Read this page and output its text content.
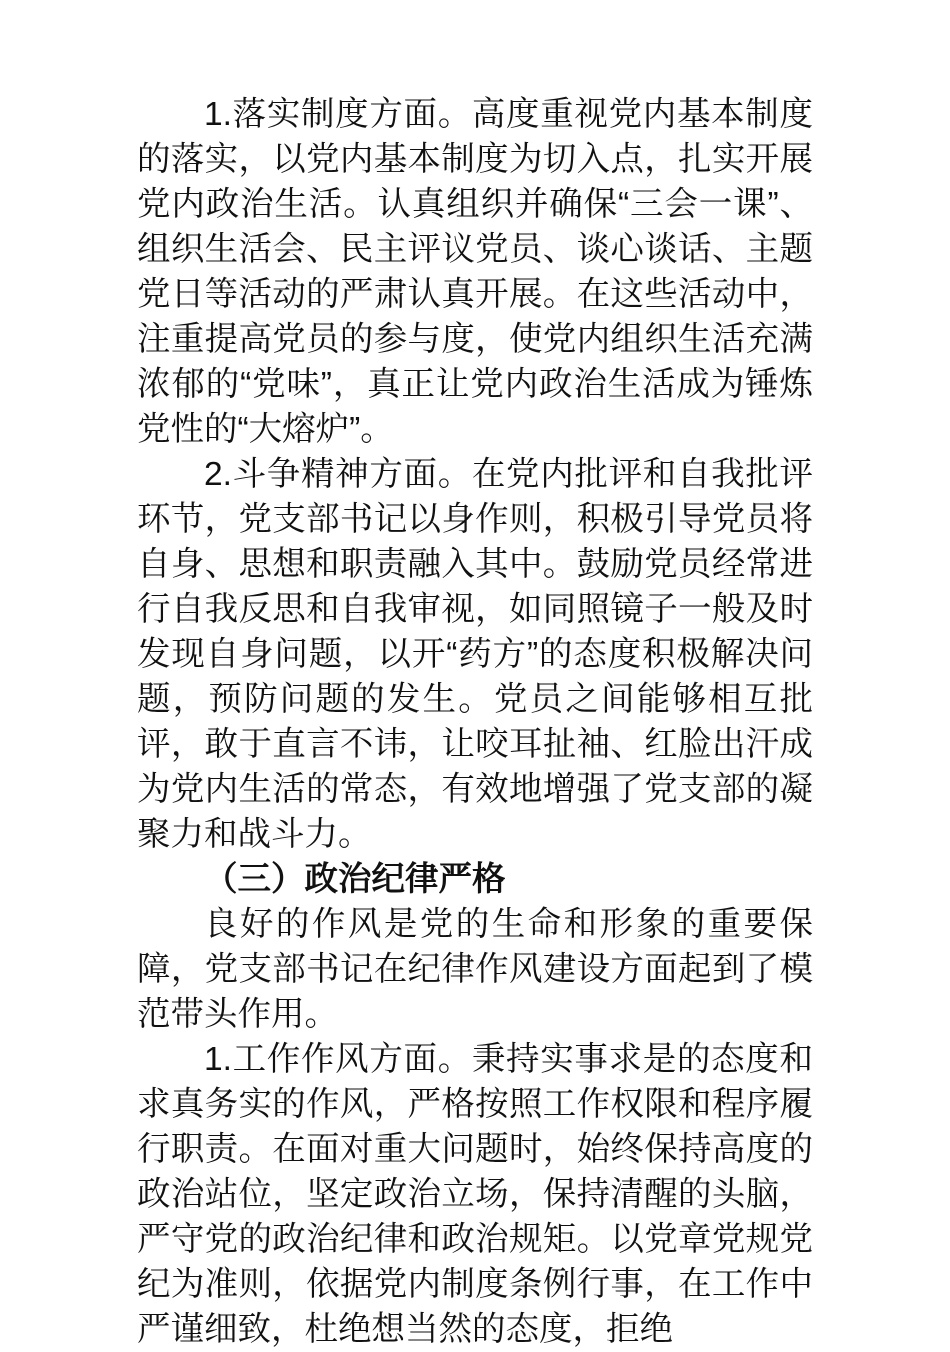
1.落实制度方面。高度重视党内基本制度的落实，以党内基本制度为切入点，扎实开展党内政治生活。认真组织并确保“三会一课”、组织生活会、民主评议党员、谈心谈话、主题党日等活动的严肃认真开展。在这些活动中，注重提高党员的参与度，使党内组织生活充满浓郁的“党味”，真正让党内政治生活成为锤炼党性的“大熔炉”。

2.斗争精神方面。在党内批评和自我批评环节，党支部书记以身作则，积极引导党员将自身、思想和职责融入其中。鼓励党员经常进行自我反思和自我审视，如同照镜子一般及时发现自身问题，以开“药方”的态度积极解决问题，预防问题的发生。党员之间能够相互批评，敢于直言不讳，让咬耳扯袖、红脸出汗成为党内生活的常态，有效地增强了党支部的凝聚力和战斗力。

（三）政治纪律严格

良好的作风是党的生命和形象的重要保障，党支部书记在纪律作风建设方面起到了模范带头作用。

1.工作作风方面。秉持实事求是的态度和求真务实的作风，严格按照工作权限和程序履行职责。在面对重大问题时，始终保持高度的政治站位，坚定政治立场，保持清醒的头脑，严守党的政治纪律和政治规矩。以党章党规党纪为准则，依据党内制度条例行事，在工作中严谨细致，杜绝想当然的态度，拒绝
